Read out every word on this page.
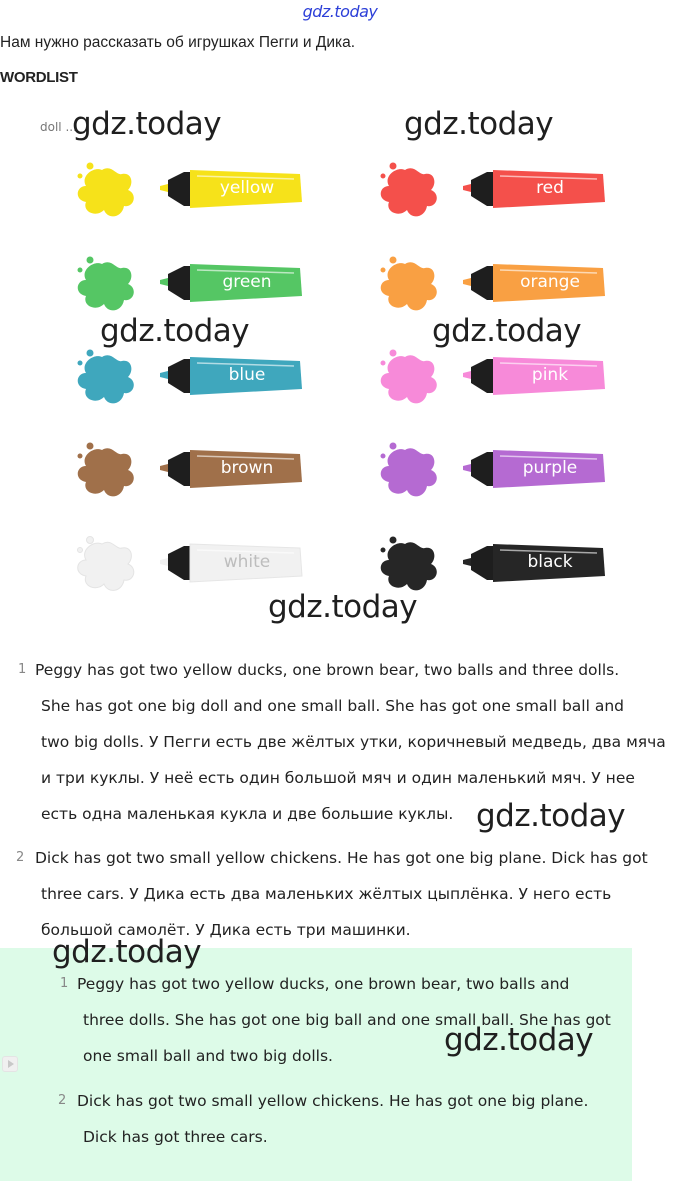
gdz.today
Нам нужно рассказать об игрушках Пегги и Дика.
WORDLIST
doll ...
yellow	red
green	orange
blue	pink
brown	purple
white	black
1 Peggy has got two yellow ducks, one brown bear, two balls and three dolls.
She has got one big doll and one small ball. She has got one small ball and
two big dolls. У Пегги есть две жёлтых утки, коричневый медведь, два мяча
и три куклы. У неё есть один большой мяч и один маленький мяч. У нее
есть одна маленькая кукла и две большие куклы.
2 Dick has got two small yellow chickens. He has got one big plane. Dick has got
three cars. У Дика есть два маленьких жёлтых цыплёнка. У него есть
большой самолёт. У Дика есть три машинки.
1 Peggy has got two yellow ducks, one brown bear, two balls and
three dolls. She has got one big ball and one small ball. She has got
one small ball and two big dolls.
2 Dick has got two small yellow chickens. He has got one big plane.
Dick has got three cars.
gdz.today	gdz.today
gdz.today	gdz.today
gdz.today
gdz.today
gdz.today
gdz.today
